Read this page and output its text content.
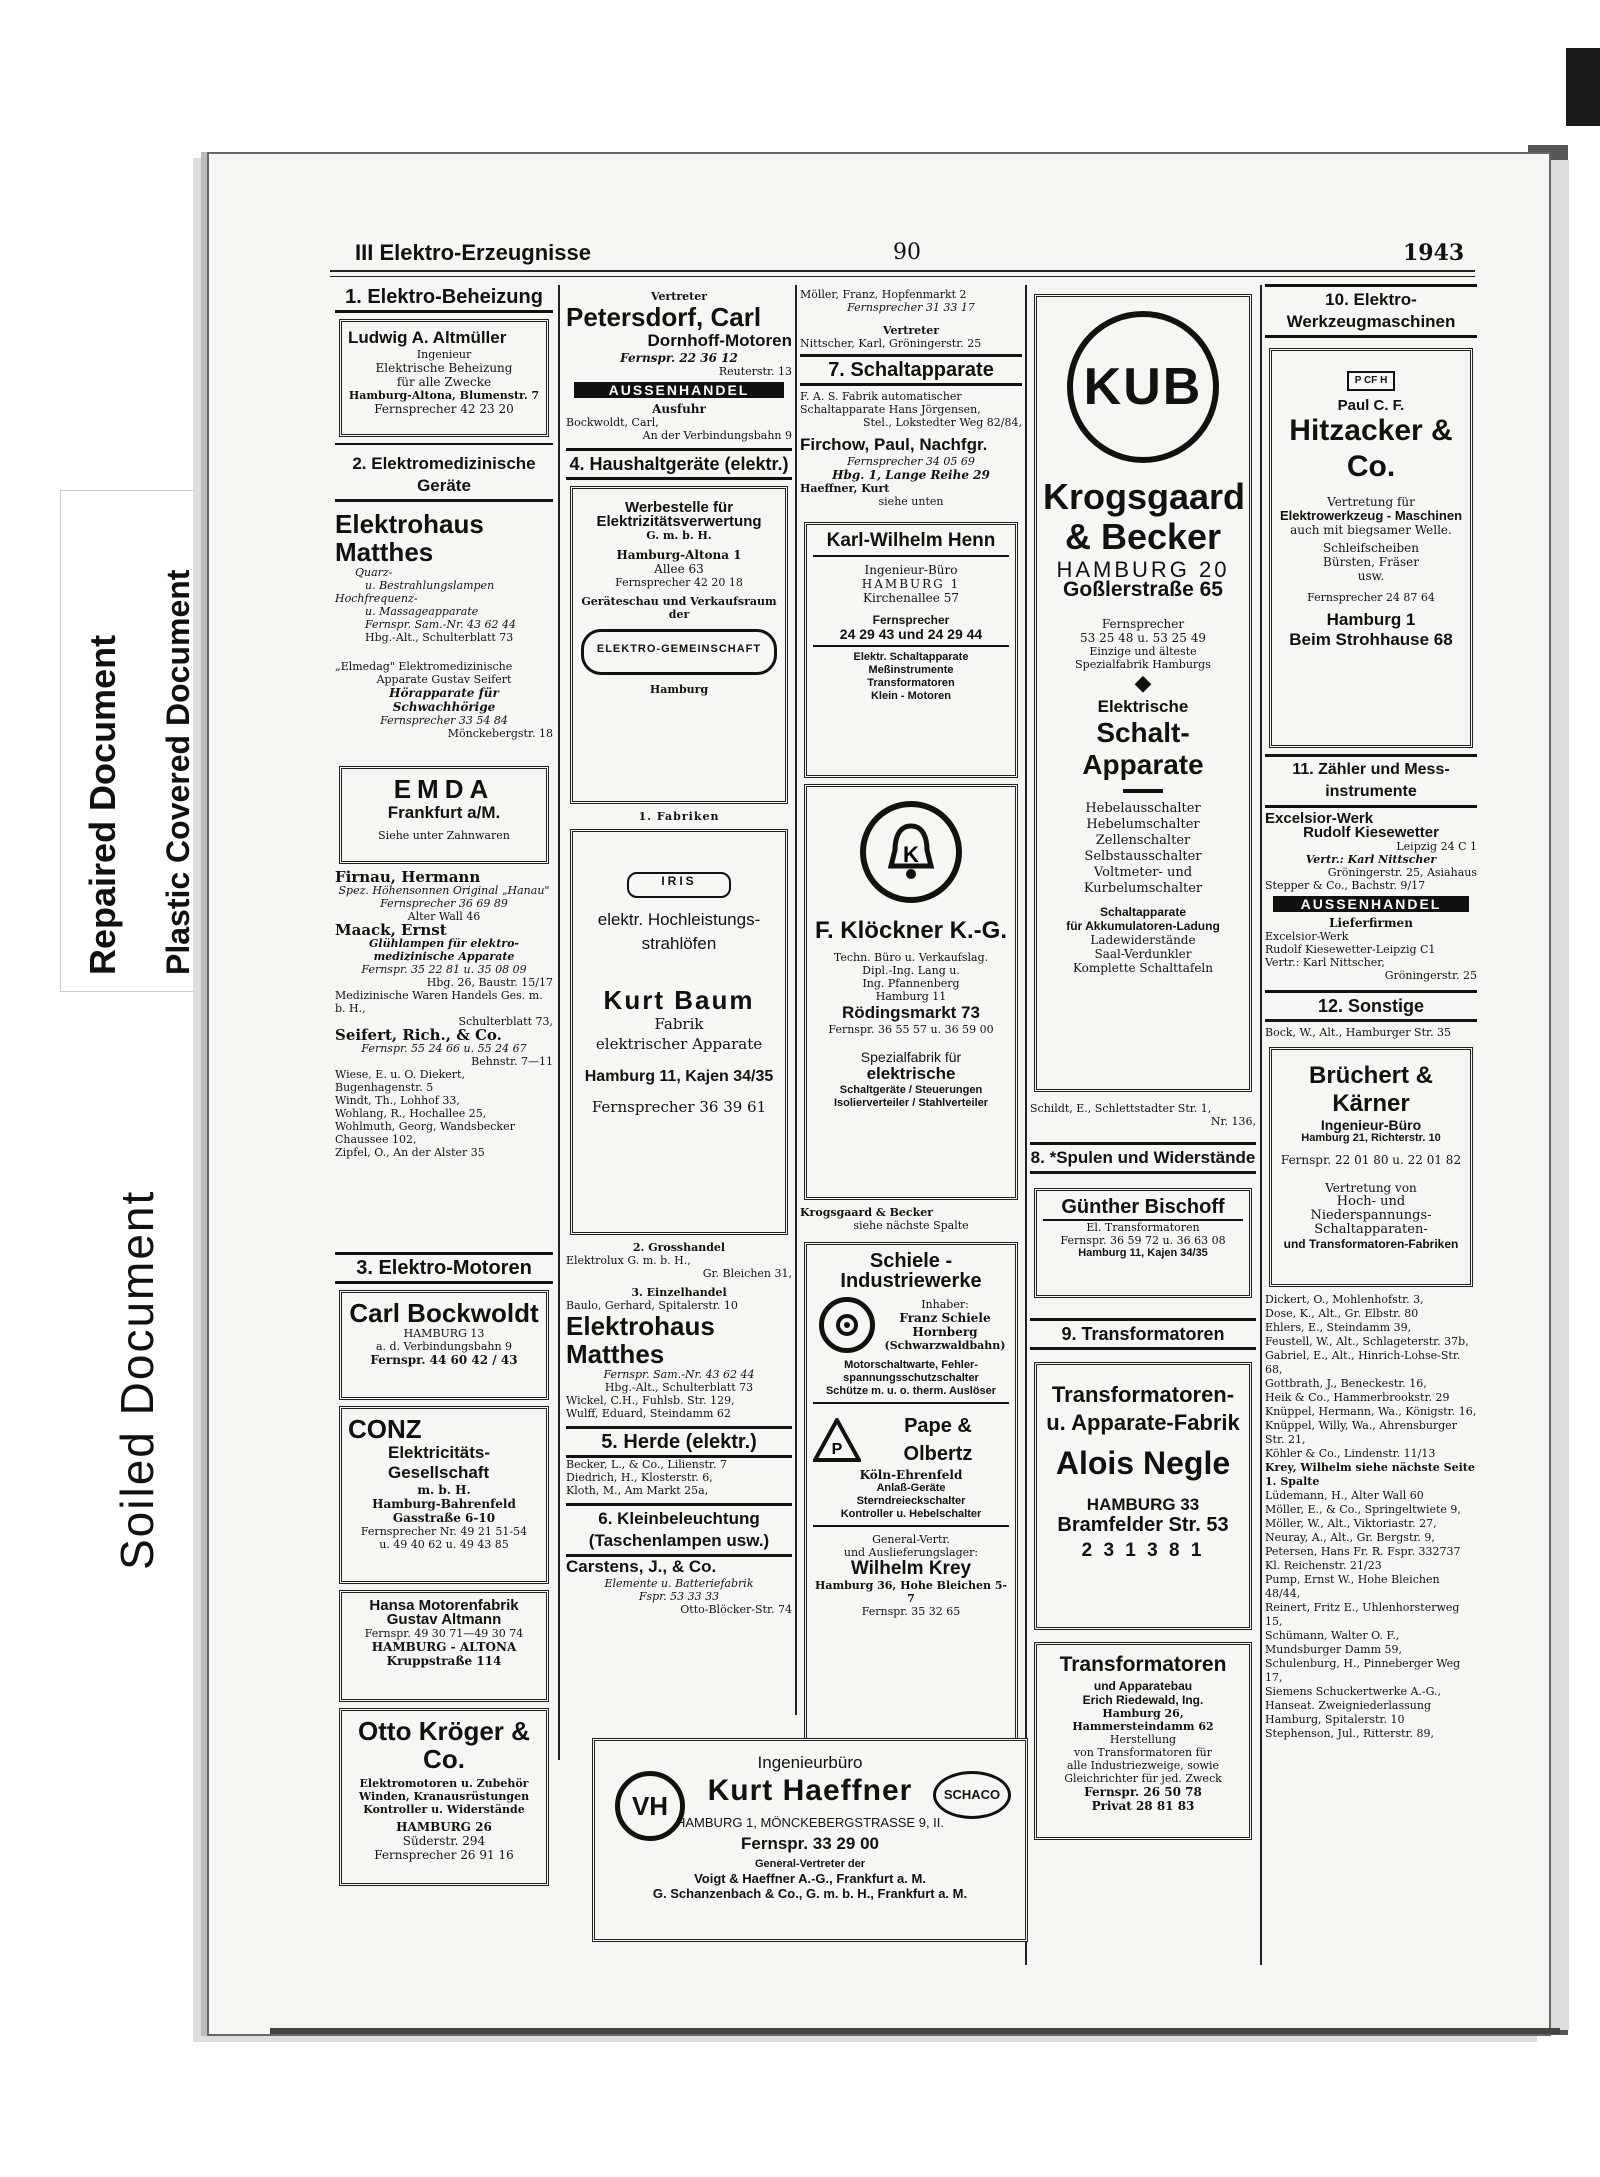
Repaired Document Plastic Covered Document
Soiled Document
III Elektro-Erzeugnisse	90	1943
1. Elektro-Beheizung
Ludwig A. Altmüller
Ingenieur
Elektrische Beheizung
für alle Zwecke
Hamburg-Altona, Blumenstr. 7
Fernsprecher 42 23 20
2. Elektromedizinische Geräte
Elektrohaus Matthes
Quarz-
u. Bestrahlungslampen
Hochfrequenz-
u. Massageapparate
Fernspr. Sam.-Nr. 43 62 44
Hbg.-Alt., Schulterblatt 73
„Elmedag" Elektromedizinische
Apparate Gustav Seifert
Hörapparate für
Schwachhörige
Fernsprecher 33 54 84
Mönckebergstr. 18
EMDA
Frankfurt a/M.
Siehe unter Zahnwaren
Firnau, Hermann
Spez. Höhensonnen Original „Hanau"
Fernsprecher 36 69 89
Alter Wall 46
Maack, Ernst
Glühlampen für elektro-medizinische Apparate
Fernspr. 35 22 81 u. 35 08 09
Hbg. 26, Baustr. 15/17
Medizinische Waren Handels Ges. m. b. H.,
Schulterblatt 73,
Seifert, Rich., & Co.
Fernspr. 55 24 66 u. 55 24 67
Behnstr. 7—11
Wiese, E. u. O. Diekert, Bugenhagenstr. 5
Windt, Th., Lohhof 33,
Wohlang, R., Hochallee 25,
Wohlmuth, Georg, Wandsbecker Chaussee 102,
Zipfel, O., An der Alster 35
3. Elektro-Motoren
Carl Bockwoldt
HAMBURG 13
a. d. Verbindungsbahn 9
Fernspr. 44 60 42 / 43
CONZ
Elektricitäts-
Gesellschaft
m. b. H.
Hamburg-Bahrenfeld
Gasstraße 6-10
Fernsprecher Nr. 49 21 51-54
u. 49 40 62 u. 49 43 85
Hansa Motorenfabrik
Gustav Altmann
Fernspr. 49 30 71—49 30 74
HAMBURG - ALTONA
Kruppstraße 114
Otto Kröger & Co.
Elektromotoren u. Zubehör
Winden, Kranausrüstungen
Kontroller u. Widerstände
HAMBURG 26
Süderstr. 294
Fernsprecher 26 91 16
Vertreter
Petersdorf, Carl
Dornhoff-Motoren
Fernspr. 22 36 12
Reuterstr. 13
AUSSENHANDEL
Ausfuhr
Bockwoldt, Carl,
An der Verbindungsbahn 9
4. Haushaltgeräte (elektr.)
Werbestelle für
Elektrizitätsverwertung
G. m. b. H.
Hamburg-Altona 1
Allee 63
Fernsprecher 42 20 18
Geräteschau und Verkaufsraum
der
ELEKTRO-GEMEINSCHAFT
Hamburg
1. Fabriken
IRIS
elektr. Hochleistungs-
strahlöfen
Kurt Baum
Fabrik
elektrischer Apparate
Hamburg 11, Kajen 34/35
Fernsprecher 36 39 61
2. Grosshandel
Elektrolux G. m. b. H.,
Gr. Bleichen 31,
3. Einzelhandel
Baulo, Gerhard, Spitalerstr. 10
Elektrohaus Matthes
Fernspr. Sam.-Nr. 43 62 44
Hbg.-Alt., Schulterblatt 73
Wickel, C.H., Fuhlsb. Str. 129,
Wulff, Eduard, Steindamm 62
5. Herde (elektr.)
Becker, L., & Co., Lilienstr. 7
Diedrich, H., Klosterstr. 6,
Kloth, M., Am Markt 25a,
6. Kleinbeleuchtung (Taschenlampen usw.)
Carstens, J., & Co.
Elemente u. Batteriefabrik
Fspr. 53 33 33
Otto-Blöcker-Str. 74
Möller, Franz, Hopfenmarkt 2
Fernsprecher 31 33 17
Vertreter
Nittscher, Karl, Gröningerstr. 25
7. Schaltapparate
F. A. S. Fabrik automatischer Schaltapparate Hans Jörgensen,
Stel., Lokstedter Weg 82/84,
Firchow, Paul, Nachfgr.
Fernsprecher 34 05 69
Hbg. 1, Lange Reihe 29
Haeffner, Kurt
siehe unten
Karl-Wilhelm Henn
Ingenieur-Büro
HAMBURG 1
Kirchenallee 57
Fernsprecher
24 29 43 und 24 29 44
Elektr. Schaltapparate
Meßinstrumente
Transformatoren
Klein - Motoren
K
F. Klöckner K.-G.
Techn. Büro u. Verkaufslag.
Dipl.-Ing. Lang u.
Ing. Pfannenberg
Hamburg 11
Rödingsmarkt 73
Fernspr. 36 55 57 u. 36 59 00
Spezialfabrik für
elektrische
Schaltgeräte / Steuerungen
Isolierverteiler / Stahlverteiler
Krogsgaard & Becker
siehe nächste Spalte
Schiele - Industriewerke
Inhaber:
Franz Schiele
Hornberg
(Schwarzwaldbahn)
Motorschaltwarte, Fehler-
spannungsschutzschalter
Schütze m. u. o. therm. Auslöser
P
Pape & Olbertz
Köln-Ehrenfeld
Anlaß-Geräte
Sterndreieckschalter
Kontroller u. Hebelschalter
General-Vertr.
und Auslieferungslager:
Wilhelm Krey
Hamburg 36, Hohe Bleichen 5-7
Fernspr. 35 32 65
KUB
Krogsgaard
& Becker
HAMBURG 20
Goßlerstraße 65
Fernsprecher
53 25 48 u. 53 25 49
Einzige und älteste
Spezialfabrik Hamburgs
◆
Elektrische
Schalt-Apparate
Hebelausschalter
Hebelumschalter
Zellenschalter
Selbstausschalter
Voltmeter- und
Kurbelumschalter
Schaltapparate
für Akkumulatoren-Ladung
Ladewiderstände
Saal-Verdunkler
Komplette Schalttafeln
Schildt, E., Schlettstadter Str. 1,
Nr. 136,
8. *Spulen und Widerstände
Günther Bischoff
El. Transformatoren
Fernspr. 36 59 72 u. 36 63 08
Hamburg 11, Kajen 34/35
9. Transformatoren
Transformatoren-
u. Apparate-Fabrik
Alois Negle
HAMBURG 33
Bramfelder Str. 53
2 3 1 3 8 1
Transformatoren
und Apparatebau
Erich Riedewald, Ing.
Hamburg 26, Hammersteindamm 62
Herstellung
von Transformatoren für
alle Industriezweige, sowie
Gleichrichter für jed. Zweck
Fernspr. 26 50 78
Privat 28 81 83
10. Elektro-Werkzeugmaschinen
P CF H
Paul C. F.
Hitzacker & Co.
Vertretung für
Elektrowerkzeug - Maschinen
auch mit biegsamer Welle.
Schleifscheiben
Bürsten, Fräser
usw.
Fernsprecher 24 87 64
Hamburg 1
Beim Strohhause 68
11. Zähler und Mess-instrumente
Excelsior-Werk
Rudolf Kiesewetter
Leipzig 24 C 1
Vertr.: Karl Nittscher
Gröningerstr. 25, Asiahaus
Stepper & Co., Bachstr. 9/17
AUSSENHANDEL
Lieferfirmen
Excelsior-Werk
Rudolf Kiesewetter-Leipzig C1
Vertr.: Karl Nittscher,
Gröningerstr. 25
12. Sonstige
Bock, W., Alt., Hamburger Str. 35
Brüchert & Kärner
Ingenieur-Büro
Hamburg 21, Richterstr. 10
Fernspr. 22 01 80 u. 22 01 82
Vertretung von
Hoch- und Niederspannungs-
Schaltapparaten-
und Transformatoren-Fabriken
Dickert, O., Mohlenhofstr. 3,
Dose, K., Alt., Gr. Elbstr. 80
Ehlers, E., Steindamm 39,
Feustell, W., Alt., Schlageterstr. 37b,
Gabriel, E., Alt., Hinrich-Lohse-Str. 68,
Gottbrath, J., Beneckestr. 16,
Heik & Co., Hammerbrookstr. 29
Knüppel, Hermann, Wa., Königstr. 16,
Knüppel, Willy, Wa., Ahrensburger Str. 21,
Köhler & Co., Lindenstr. 11/13
Krey, Wilhelm siehe nächste Seite 1. Spalte
Lüdemann, H., Alter Wall 60
Möller, E., & Co., Springeltwiete 9,
Möller, W., Alt., Viktoriastr. 27,
Neuray, A., Alt., Gr. Bergstr. 9,
Petersen, Hans Fr. R. Fspr. 332737 Kl. Reichenstr. 21/23
Pump, Ernst W., Hohe Bleichen 48/44,
Reinert, Fritz E., Uhlenhorsterweg 15,
Schümann, Walter O. F., Mundsburger Damm 59,
Schulenburg, H., Pinneberger Weg 17,
Siemens Schuckertwerke A.-G., Hanseat. Zweigniederlassung Hamburg, Spitalerstr. 10
Stephenson, Jul., Ritterstr. 89,
VH	SCHACO
Ingenieurbüro
Kurt Haeffner
HAMBURG 1, MÖNCKEBERGSTRASSE 9, II.
Fernspr. 33 29 00
General-Vertreter der
Voigt & Haeffner A.-G., Frankfurt a. M.
G. Schanzenbach & Co., G. m. b. H., Frankfurt a. M.
